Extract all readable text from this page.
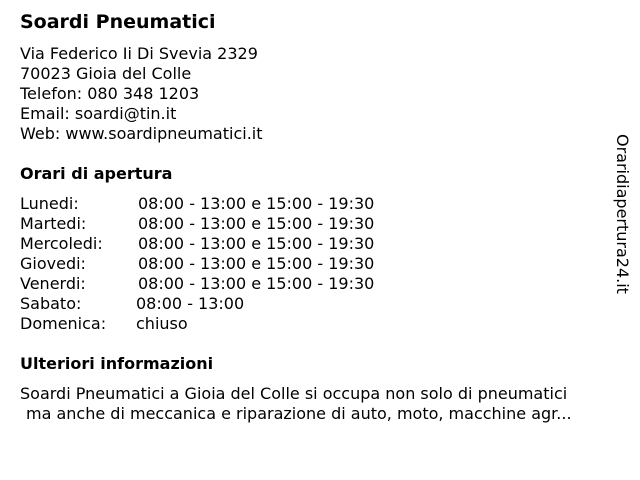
Soardi Pneumatici
Via Federico Ii Di Svevia 2329
70023 Gioia del Colle
Telefon: 080 348 1203
Email: soardi@tin.it
Web: www.soardipneumatici.it
Orari di apertura
Lunedi:	08:00 - 13:00 e 15:00 - 19:30
Martedi:	08:00 - 13:00 e 15:00 - 19:30
Mercoledi: 08:00 - 13:00 e 15:00 - 19:30
Giovedi:	08:00 - 13:00 e 15:00 - 19:30
Venerdi:	08:00 - 13:00 e 15:00 - 19:30
Sabato:	08:00 - 13:00
Domenica: chiuso
Ulteriori informazioni
Soardi Pneumatici a Gioia del Colle si occupa non solo di pneumatici
ma anche di meccanica e riparazione di auto, moto, macchine agr...
Oraridiapertura24.it
